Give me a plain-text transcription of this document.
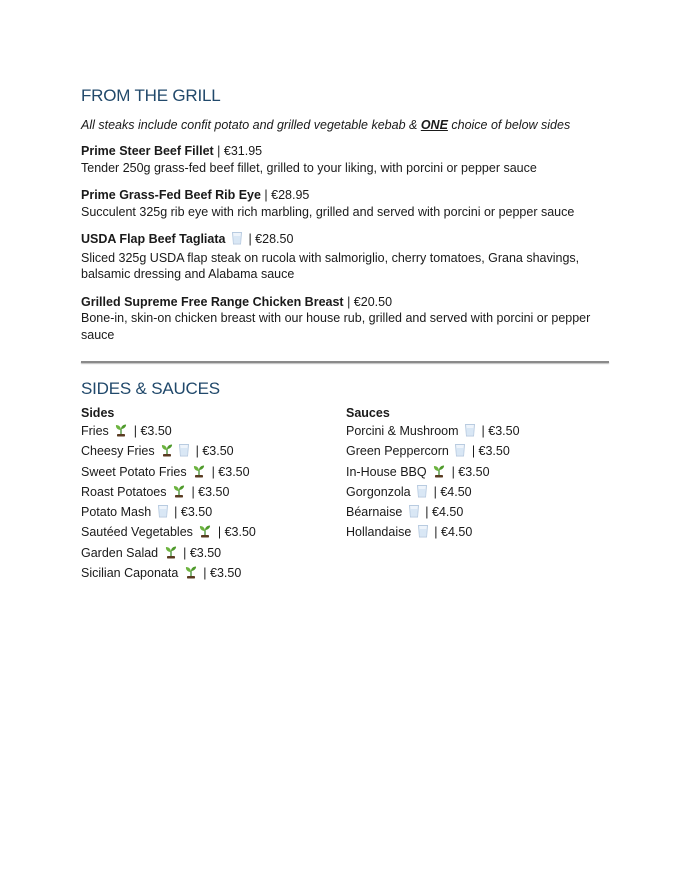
FROM THE GRILL
All steaks include confit potato and grilled vegetable kebab & ONE choice of below sides
Prime Steer Beef Fillet | €31.95
Tender 250g grass-fed beef fillet, grilled to your liking, with porcini or pepper sauce
Prime Grass-Fed Beef Rib Eye | €28.95
Succulent 325g rib eye with rich marbling, grilled and served with porcini or pepper sauce
USDA Flap Beef Tagliata  | €28.50
Sliced 325g USDA flap steak on rucola with salmoriglio, cherry tomatoes, Grana shavings, balsamic dressing and Alabama sauce
Grilled Supreme Free Range Chicken Breast | €20.50
Bone-in, skin-on chicken breast with our house rub, grilled and served with porcini or pepper sauce
SIDES & SAUCES
Sides
Fries | €3.50
Cheesy Fries	| €3.50
Sweet Potato Fries | €3.50
Roast Potatoes | €3.50
Potato Mash | €3.50
Sautéed Vegetables | €3.50
Garden Salad | €3.50
Sicilian Caponata | €3.50
Sauces
Porcini & Mushroom | €3.50
Green Peppercorn | €3.50
In-House BBQ | €3.50
Gorgonzola | €4.50
Béarnaise | €4.50
Hollandaise | €4.50
